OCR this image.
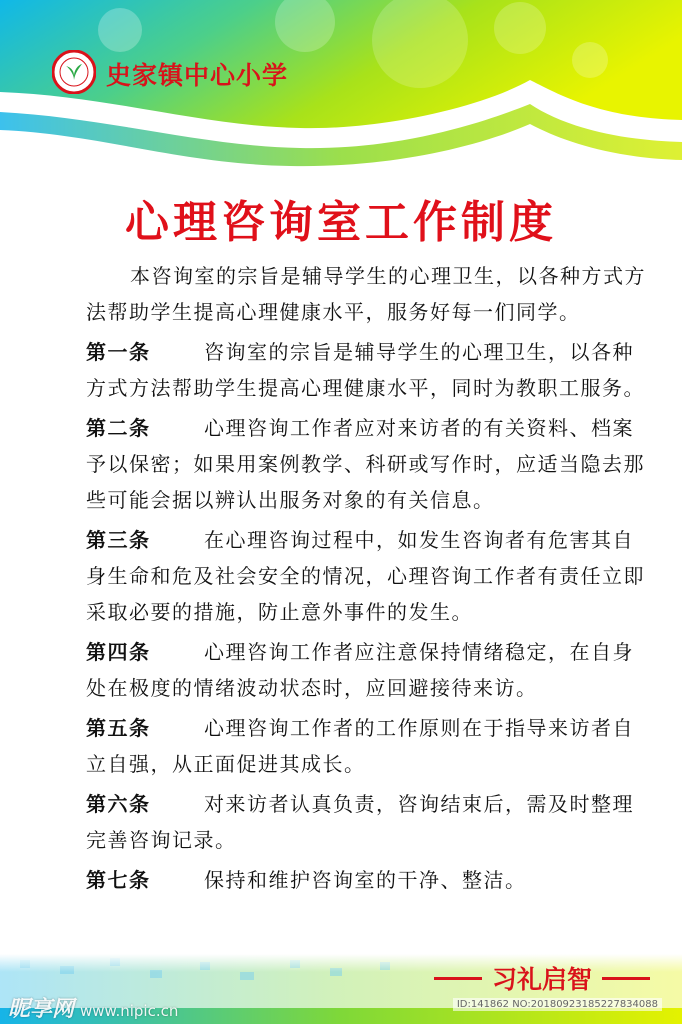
史家镇中心小学
心理咨询室工作制度

本咨询室的宗旨是辅导学生的心理卫生，以各种方式方法帮助学生提高心理健康水平，服务好每一们同学。

第一条	咨询室的宗旨是辅导学生的心理卫生，以各种方式方法帮助学生提高心理健康水平，同时为教职工服务。

第二条	心理咨询工作者应对来访者的有关资料、档案予以保密；如果用案例教学、科研或写作时，应适当隐去那些可能会据以辨认出服务对象的有关信息。

第三条	在心理咨询过程中，如发生咨询者有危害其自身生命和危及社会安全的情况，心理咨询工作者有责任立即采取必要的措施，防止意外事件的发生。

第四条	心理咨询工作者应注意保持情绪稳定，在自身处在极度的情绪波动状态时，应回避接待来访。

第五条	心理咨询工作者的工作原则在于指导来访者自立自强，从正面促进其成长。

第六条	对来访者认真负责，咨询结束后，需及时整理完善咨询记录。

第七条	保持和维护咨询室的干净、整洁。

习礼启智
昵享网 www.nipic.cn	ID:141862 NO:20180923185227834088
